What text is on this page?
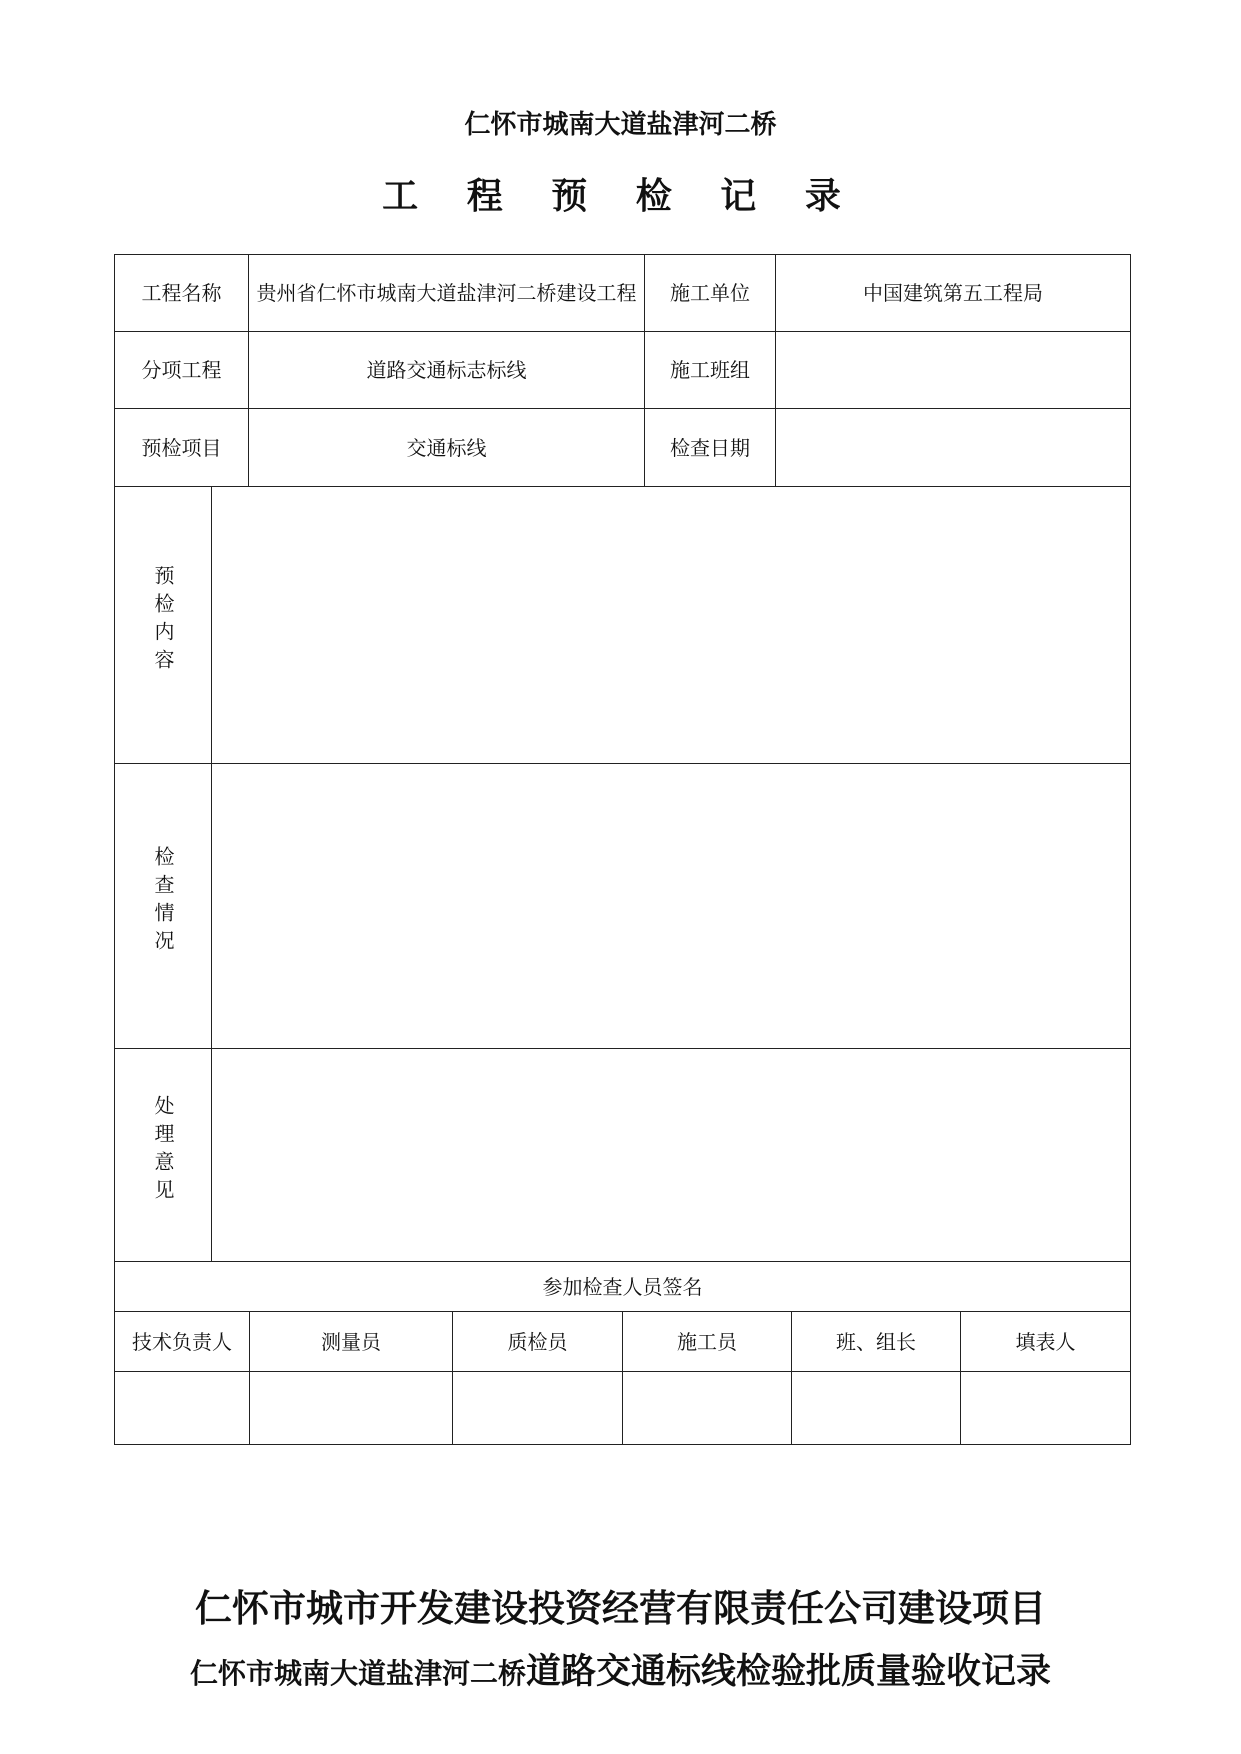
仁怀市城南大道盐津河二桥
工 程 预 检 记 录
工程名称	贵州省仁怀市城南大道盐津河二桥建设工程	施工单位	中国建筑第五工程局
分项工程	道路交通标志标线	施工班组	
预检项目	交通标线	检查日期	
预检内容	
检查情况	
处理意见	
参加检查人员签名					
技术负责人	测量员	质检员	施工员	班、组长	填表人

仁怀市城市开发建设投资经营有限责任公司建设项目
仁怀市城南大道盐津河二桥道路交通标线检验批质量验收记录
